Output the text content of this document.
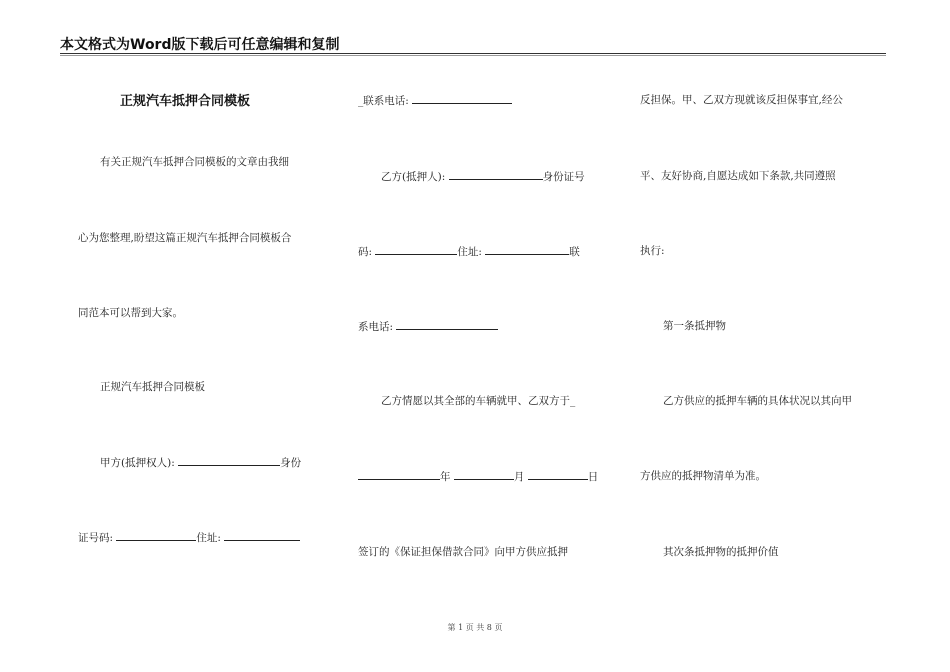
本文格式为Word版下载后可任意编辑和复制
正规汽车抵押合同模板
有关正规汽车抵押合同模板的文章由我细
心为您整理,盼望这篇正规汽车抵押合同模板合
同范本可以帮到大家。
正规汽车抵押合同模板
甲方(抵押权人):	身份
证号码:	住址:
_联系电话:
乙方(抵押人):	身份证号
码:	住址:	联
系电话:
乙方情愿以其全部的车辆就甲、乙双方于_
年	月	日
签订的《保证担保借款合同》向甲方供应抵押
反担保。甲、乙双方现就该反担保事宜,经公
平、友好协商,自愿达成如下条款,共同遵照
执行:
第一条抵押物
乙方供应的抵押车辆的具体状况以其向甲
方供应的抵押物清单为准。
其次条抵押物的抵押价值
第 1 页 共 8 页
